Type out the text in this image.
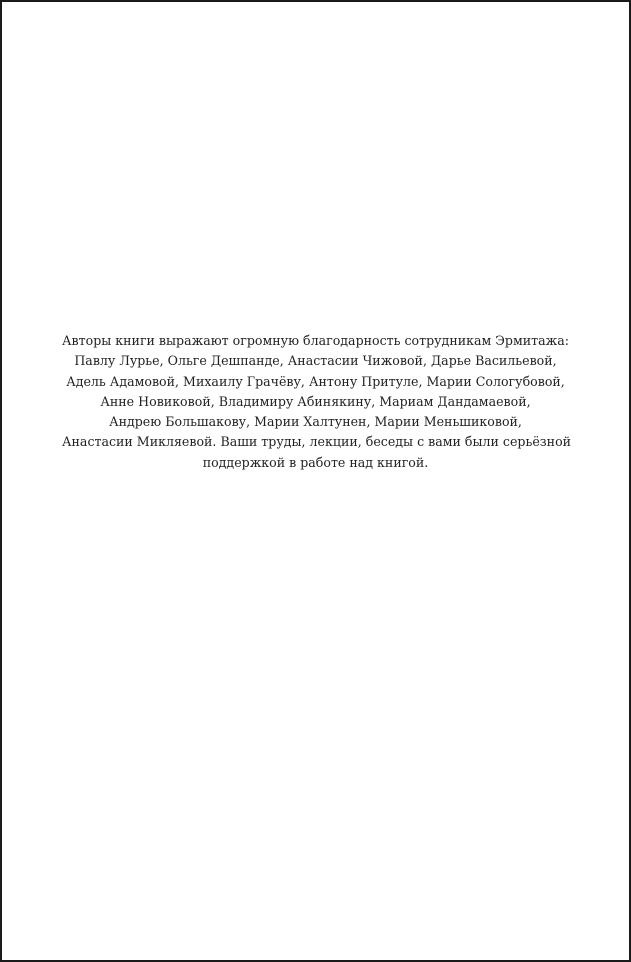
Авторы книги выражают огромную благодарность сотрудникам Эрмитажа:
Павлу Лурье, Ольге Дешпанде, Анастасии Чижовой, Дарье Васильевой,
Адель Адамовой, Михаилу Грачёву, Антону Притуле, Марии Сологубовой,
Анне Новиковой, Владимиру Абинякину, Мариам Дандамаевой,
Андрею Большакову, Марии Халтунен, Марии Меньшиковой,
Анастасии Микляевой. Ваши труды, лекции, беседы с вами были серьёзной
поддержкой в работе над книгой.
